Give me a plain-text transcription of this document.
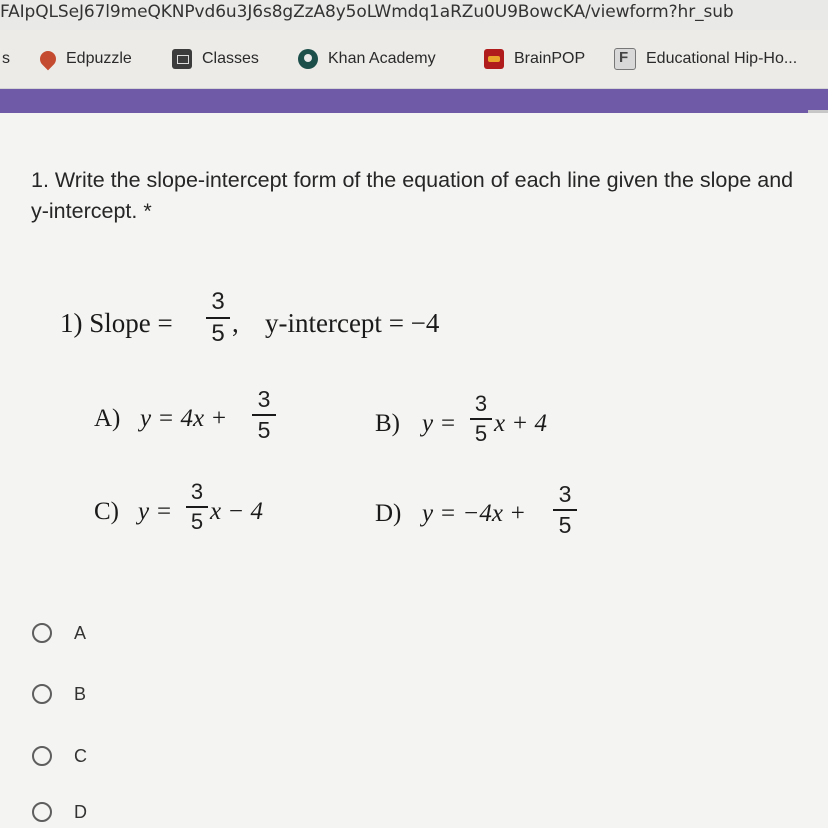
FAIpQLSeJ67l9meQKNPvd6u3J6s8gZzA8y5oLWmdq1aRZu0U9BowcKA/viewform?hr_sub
s	Edpuzzle	Classes	Khan Academy	BrainPOP
F	Educational Hip-Ho...
1. Write the slope-intercept form of the equation of each line given the slope and y-intercept. *
1) Slope =
3
5 , y-intercept = −4
A) y = 4x +
3
5	B) y =
3
5 x + 4
C) y =
3
5 x − 4	D) y = −4x +
3
5
A
B
C
D
